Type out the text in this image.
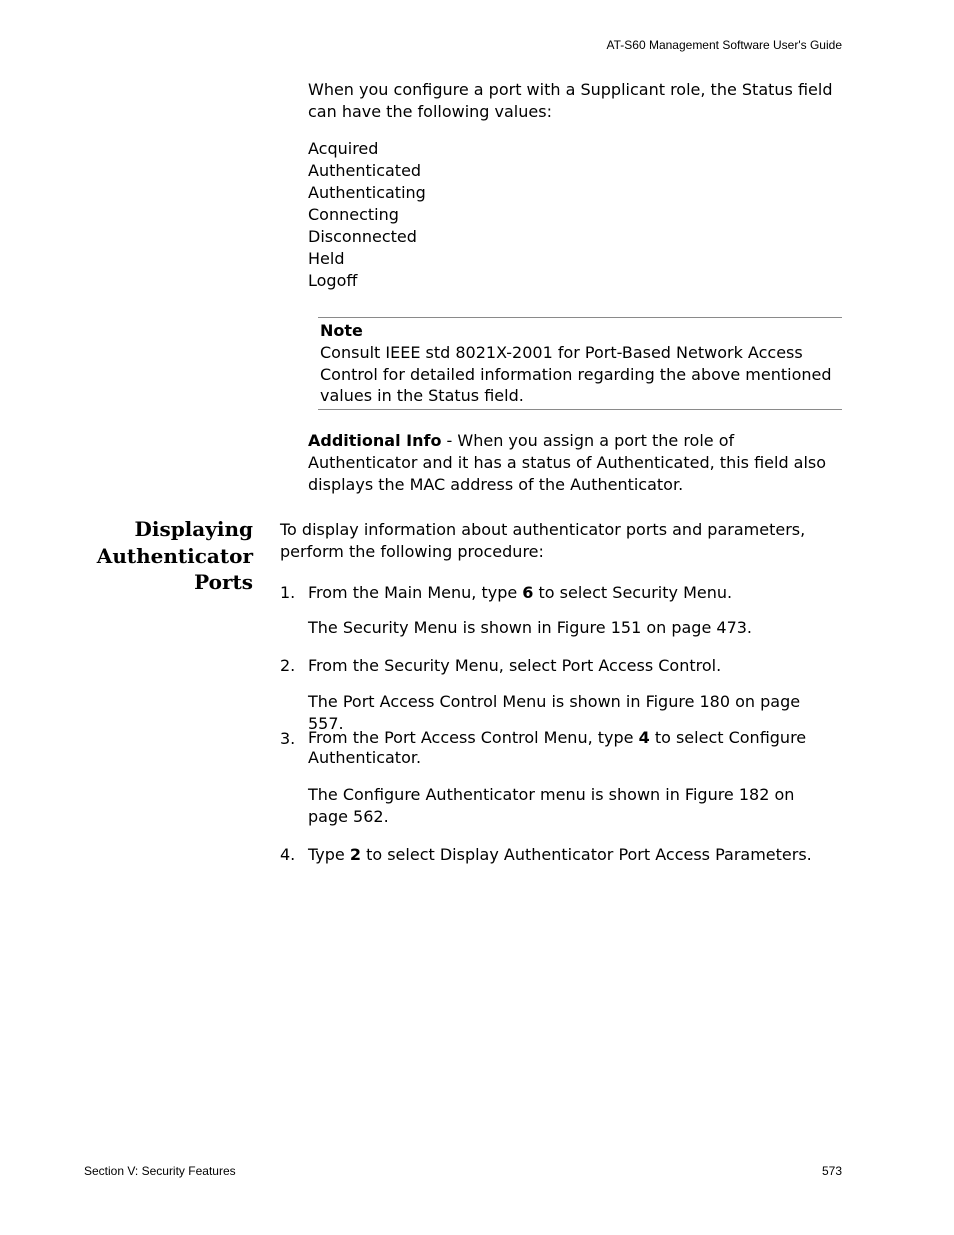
AT-S60 Management Software User's Guide

When you configure a port with a Supplicant role, the Status field can have the following values:

Acquired
Authenticated
Authenticating
Connecting
Disconnected
Held
Logoff
Note
Consult IEEE std 8021X-2001 for Port-Based Network Access Control for detailed information regarding the above mentioned values in the Status field.

Additional Info - When you assign a port the role of Authenticator and it has a status of Authenticated, this field also displays the MAC address of the Authenticator.

Displaying
Authenticator
Ports
To display information about authenticator ports and parameters, perform the following procedure:
1. From the Main Menu, type 6 to select Security Menu.
The Security Menu is shown in Figure 151 on page 473.
2. From the Security Menu, select Port Access Control.
The Port Access Control Menu is shown in Figure 180 on page 557.
3. From the Port Access Control Menu, type 4 to select Configure Authenticator.
The Configure Authenticator menu is shown in Figure 182 on page 562.
4. Type 2 to select Display Authenticator Port Access Parameters.
Section V: Security Features	573
